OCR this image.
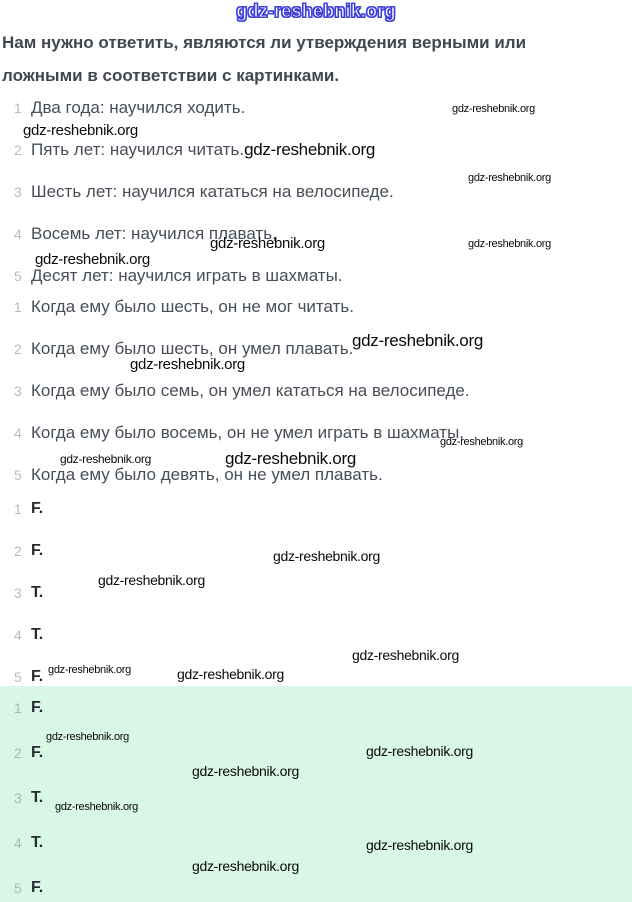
gdz-reshebnik.org
Нам нужно ответить, являются ли утверждения верными или ложными в соответствии с картинками.
1 Два года: научился ходить.
2 Пять лет: научился читать.gdz-reshebnik.org
3 Шесть лет: научился кататься на велосипеде.
4 Восемь лет: научился плавать,
5 Десят лет: научился играть в шахматы.
1 Когда ему было шесть, он не мог читать.
2 Когда ему было шесть, он умел плавать.
3 Когда ему было семь, он умел кататься на велосипеде.
4 Когда ему было восемь, он не умел играть в шахматы,
5 Когда ему было девять, он не умел плавать.
1 F.
2 F.
3 T.
4 T.
5 F.
1 F.
2 F.
3 T.
4 T.
5 F.
gdz-reshebnik.org
gdz-reshebnik.org
gdz-reshebnik.org
gdz-reshebnik.org	gdz-reshebnik.org
gdz-reshebnik.org
gdz-reshebnik.org
gdz-reshebnik.org
gdz-reshebnik.org
gdz-reshebnik.org	gdz-reshebnik.org
gdz-reshebnik.org
gdz-reshebnik.org
gdz-reshebnik.org
gdz-reshebnik.org	gdz-reshebnik.org
gdz-reshebnik.org
gdz-reshebnik.org
gdz-reshebnik.org
gdz-reshebnik.org
gdz-reshebnik.org
gdz-reshebnik.org
